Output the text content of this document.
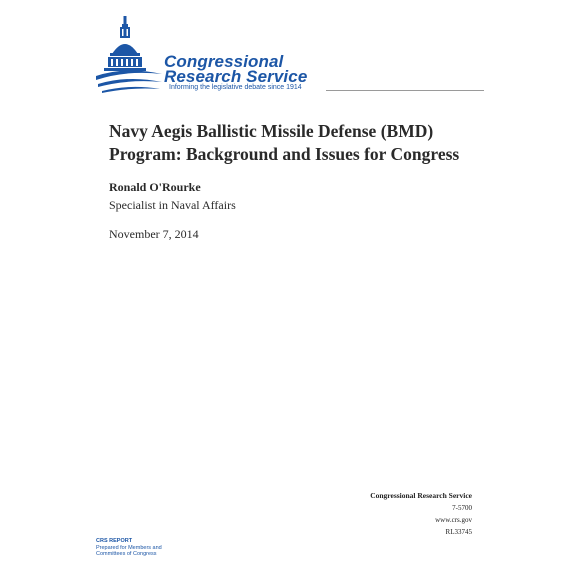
Congressional
Research Service
Informing the legislative debate since 1914
Navy Aegis Ballistic Missile Defense (BMD)
Program: Background and Issues for Congress
Ronald O'Rourke
Specialist in Naval Affairs
November 7, 2014
Congressional Research Service
7-5700
www.crs.gov
RL33745
CRS REPORT
Prepared for Members and
Committees of Congress
